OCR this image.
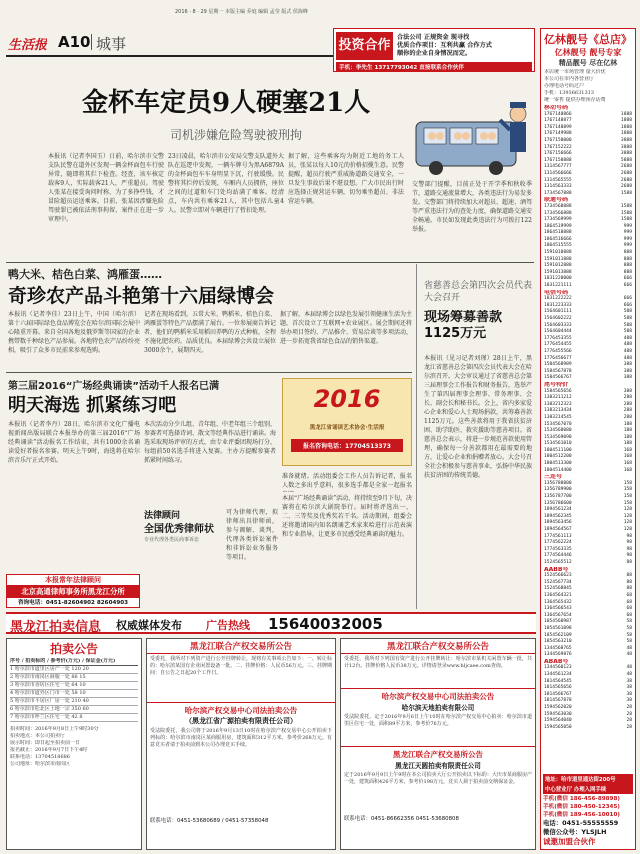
2016 · 8 · 29 星期一 本版主编 乔庭 编辑 孟莹 版式 侯海峰
生活报 A10 城事	投资合作
合法公司 正规资金 现寻找
优质合作项目：互利共赢 合作方式
顺你的企业自身情况而定。
手机：李先生 13717793042 直接联系合作伙伴
亿林靓号《总店》
亿林靓号 靓号专家
精品靓号 尽在亿林
本店统一市场管理 量大价优
本公司在市内各营业厅
办理电话号码过户
手机：13936631313
统一零售 提供办理预存话费
移动号码
1767148866	1888
1767148877	1888
1767148899	1888
1767149988	1888
1767150000	3888
1767152222	3888
1767156666	3888
1767158888	5888
1314567777	2688
1314566666	2688
1314565555	2688
1314563333	2688
1734567888	1588
联通号码
1734568888	1588
1734566888	1588
1734569999	1588
1864519999	999
1864518888	999
1864516666	999
1864515555	999
1591010888	888
1591011888	888
1591012888	888
1591013888	888
1831220000	666
1831221111	666
电信号码
1831222222	666
1831223333	666
1564601111	588
1564602222	588
1564603333	588
1564604444	588
1776453355	488
1776454455	488
1776455566	488
1776456677	488
1584568989	388
1584567878	388
1584566767	388
尾号特价
1584565656	388
1383211212	288
1383212323	288
1383213434	288
1383214545	288
1534567070	188
1534568080	188
1534569090	188
1534561010	188
1804511100	168
1804512200	168
1804513300	168
1804514400	168
三连号
1356788800	158
1356789900	158
1356787700	158
1356786600	158
1894561234	128
1894562345	128
1894563456	128
1894564567	128
1774561113	98
1774562224	98
1774563335	98
1774564446	98
1524565512	88
AABB号
1524566623	88
1524567734	88
1524568845	88
1364564321	68
1364565432	68
1364566543	68
1364567654	68
1854560987	58
1854561098	58
1854562109	58
1854563210	58
1344568765	48
1344569876	48
ABAB号
1344560123	48
1344561234	48
1814564545	38
1814565656	38
1814566767	38
1814567878	38
1594562020	28
1594563030	28
1594564040	28
1594565050	28
地址：哈市道里通达街200号
中心营业厅 办理入网手续
手机(微信 186-456-89898)
手机(微信 180-450-12345)
手机(微信 189-456-10010)
电话：0451-55555559
微信公众号：YLSJLH
诚邀加盟合伙作
金杯车定员9人硬塞21人
司机涉嫌危险驾驶被刑拘
本报讯（记者李国玉）日前，哈尔滨市交警支队民警在道外区发现一辆金杯面包车行驶异常，随即将其拦下检查。经查，该车核定载客9人，实际载客21人，严重超员。驾驶人张某在接受询问时称，为了多挣些钱，才冒险超员运送乘客。目前，张某因涉嫌危险驾驶罪已被依法刑事拘留，案件正在进一步审理中。
23日凌晨，哈尔滨市公安局交警支队道外大队在巡逻中发现，一辆车牌号为黑A6879A的金杯面包车车身明显下沉，行驶缓慢。民警将其拦停后发现，车厢内人员拥挤，座位之间的过道和车门处均站满了乘客。经清点，车内共有乘客21人，其中包括儿童4人。民警立即对车辆进行了暂扣处理。
据了解，这些乘客均为附近工地的务工人员，张某以每人10元的价格招揽生意。民警提醒，超员行驶严重威胁道路交通安全，一旦发生事故后果不堪设想。广大市民出行时应选择正规营运车辆，切勿乘坐超员、非法营运车辆。
交警部门提醒，目前正处于开学季和秋收季节，道路交通流量增大，各类违法行为易发多发。交警部门将持续加大对超员、超速、酒驾等严重违法行为的查处力度，确保道路交通安全畅通。市民如发现此类违法行为可拨打122举报。
鸭大米、桔色白菜、鸿雁蛋……
奇珍农产品斗艳第十六届绿博会
本报讯（记者李佳）23日上午，中国（哈尔滨）第十六届国际绿色食品博览会在哈尔滨国际会展中心隆重开幕。来自全国各地及俄罗斯等国家的企业携带数千种绿色产品参展。各地特色农产品纷纷亮相，吸引了众多市民前来参观选购。
记者在现场看到，五常大米、鸭稻米、桔色白菜、鸿雁蛋等特色产品摆满了展台。一位参展商告诉记者，他们的鸭稻米采用稻田养鸭的方式种植，全程不施化肥农药，品质优良。本届绿博会共设立展位3000余个，展期四天。
据了解，本届绿博会以绿色发展引领健康生活为主题，首次设立了互联网+农业展区。展会期间还将举办项目签约、产品推介、贸易洽谈等多项活动，进一步拓宽我省绿色食品的销售渠道。
省慈善总会第四次会员代表大会召开
现场筹募善款1125万元
本报讯（见习记者刘瑾）28日上午，黑龙江省慈善总会第四次会员代表大会在哈尔滨召开。大会审议通过了省慈善总会第三届理事会工作报告和财务报告，选举产生了第四届理事会理事、常务理事、会长、副会长和秘书长。会上，省内多家爱心企业和爱心人士现场捐款，共筹募善款1125万元。这些善款将用于我省扶贫济困、助学助医、救灾援助等慈善项目。省慈善总会表示，将进一步规范善款使用管理，确保每一分善款都用在最需要的地方，让爱心企业和捐赠者放心。大会号召全社会积极参与慈善事业，弘扬中华民族扶贫济困的传统美德。
第三届2016“广场经典诵读”活动千人报名已满
明天海选 抓紧练习吧
本报讯（记者李丹）28日，哈尔滨市文化广播电视新闻出版局联合本报举办的第三届2016“广场经典诵读”活动报名工作结束，共有1000余名诵读爱好者报名参赛。明天上午9时，海选将在哈尔滨音乐厅正式开始。
本次活动分少儿组、青年组、中老年组三个组别，参赛者可选择诗词、散文等经典作品进行诵读。海选采取现场评审的方式，由专业评委团现场打分，每组前50名选手将进入复赛。主办方提醒参赛者抓紧时间练习。
2016
黑龙江省诵读艺术协会·生活报
报名咨询电话：17704513373
准备就绪。活动组委会工作人员告诉记者，报名人数之多出乎意料，很多选手都是全家一起报名
本届“广场经典诵读”活动，将持续至9月下旬，决赛将在哈尔滨大剧院举行。届时将评选出一、二、三等奖及优秀奖若干名。活动期间，组委会还将邀请国内知名朗诵艺术家来哈进行示范表演和专业指导，让更多市民感受经典诵读的魅力。
法律顾问
全国优秀律师状
专业代理各类民商事诉讼
可为律师代理，拟律师出具律师函，参与调解、谈判，代理各类诉讼案件和非诉讼业务服务等项目。
本报常年法律顾问
北京高通律师事务所黑龙江分所
咨询电话：0451-82604902 82604903
黑龙江拍卖信息 权威媒体发布 广告热线 15640032005
拍卖公告
序号 / 拍卖标的 / 参考价(万元) / 保证金(万元)
1 哈尔滨市道里区房产一处 120 20
2 哈尔滨市南岗区商服一处 86 15
3 哈尔滨市香坊区住宅一处 64 10
4 哈尔滨市道外区门市一处 58 10
5 哈尔滨市平房区厂房一处 210 40
6 哈尔滨市松北区土地一宗 350 60
7 哈尔滨市呼兰区住宅一处 42 8
拍卖时间：2016年9月8日上午9时30分
拍卖地点：本公司拍卖厅
展示时间：即日起至拍卖前一日
报名截止：2016年9月7日下午4时
联系电话：13704518686
公司地址：哈尔滨市南岗区
黑龙江联合产权交易所公告
受委托，我所对下列资产进行公开挂牌转让，现将有关事项公告如下：一、转让标的：哈尔滨某国有企业闲置设备一批。二、挂牌价格：人民币56万元。三、挂牌期间：自公告之日起20个工作日。
哈尔滨产权交易中心司法拍卖公告
（黑龙江省广源拍卖有限责任公司）
受法院委托，我公司将于2016年9月13日10时在哈尔滨产权交易中心公开拍卖下列标的：哈尔滨市南岗区某商服用房，建筑面积312平方米，参考价268万元。有意竞买者请于拍卖前到本公司办理竞买手续。
联系电话：0451-53680689 / 0451-57358048
黑龙江联合产权交易所公告
受委托，我所对下列国有资产进行公开挂牌转让：哈尔滨市某机关闲置车辆一批，共计12台。挂牌价格人民币38万元。详情请登录www.hljcaee.com查询。
哈尔滨产权交易中心司法拍卖公告
哈尔滨天地拍卖有限公司
受法院委托，定于2016年9月6日上午10时在哈尔滨产权交易中心拍卖：哈尔滨市道里区住宅一处，面积89平方米，参考价76万元。
黑龙江联合产权交易所公告
黑龙江天圆拍卖有限责任公司
定于2016年9月9日上午9时在本公司拍卖大厅公开拍卖以下标的：大庆市某商服房产一处，建筑面积426平方米，参考价198万元。竞买人须于拍卖前交纳保证金。
联系电话：0451-86662356 0451-53680808
